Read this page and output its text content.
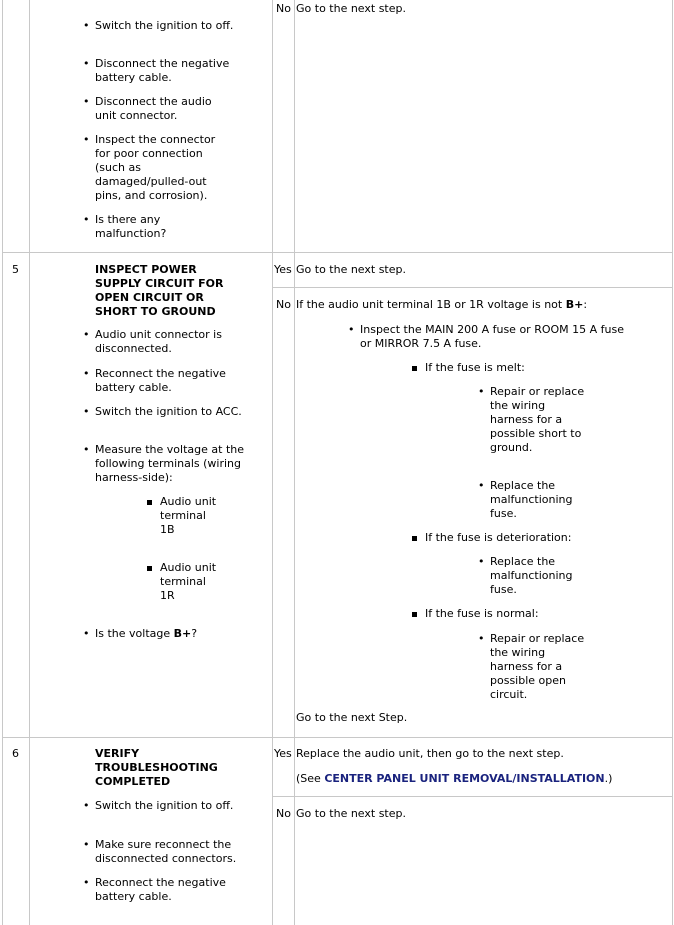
• Switch the ignition to off.
• Disconnect the negative battery cable.
• Disconnect the audio unit connector.
• Inspect the connector for poor connection (such as damaged/pulled-out pins, and corrosion).
• Is there any malfunction?
No Go to the next step.
5	INSPECT POWER SUPPLY CIRCUIT FOR OPEN CIRCUIT OR SHORT TO GROUND
• Audio unit connector is disconnected.
• Reconnect the negative battery cable.
• Switch the ignition to ACC.
• Measure the voltage at the following terminals (wiring harness-side):
Audio unit terminal 1B
Audio unit terminal 1R
• Is the voltage B+?
Yes Go to the next step.
No If the audio unit terminal 1B or 1R voltage is not B+:
• Inspect the MAIN 200 A fuse or ROOM 15 A fuse or MIRROR 7.5 A fuse.
If the fuse is melt:
• Repair or replace the wiring harness for a possible short to ground.
• Replace the malfunctioning fuse.
If the fuse is deterioration:
• Replace the malfunctioning fuse.
If the fuse is normal:
• Repair or replace the wiring harness for a possible open circuit.
Go to the next Step.
6	VERIFY TROUBLESHOOTING COMPLETED
• Switch the ignition to off.
• Make sure reconnect the disconnected connectors.
• Reconnect the negative battery cable.
Yes Replace the audio unit, then go to the next step.
(See CENTER PANEL UNIT REMOVAL/INSTALLATION.)
No Go to the next step.
